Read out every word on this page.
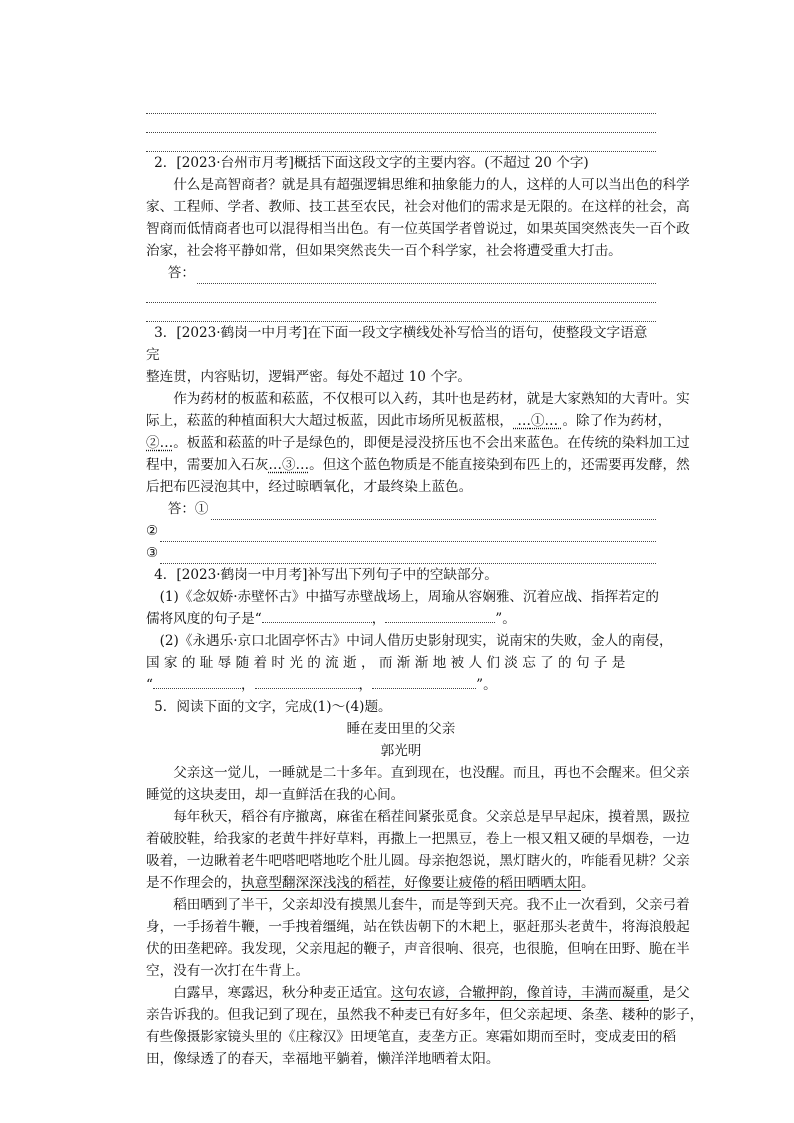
2．[2023·台州市月考]概括下面这段文字的主要内容。(不超过 20 个字)
什么是高智商者？就是具有超强逻辑思维和抽象能力的人，这样的人可以当出色的科学
家、工程师、学者、教师、技工甚至农民，社会对他们的需求是无限的。在这样的社会，高
智商而低情商者也可以混得相当出色。有一位英国学者曾说过，如果英国突然丧失一百个政
治家，社会将平静如常，但如果突然丧失一百个科学家，社会将遭受重大打击。
答：
3．[2023·鹤岗一中月考]在下面一段文字横线处补写恰当的语句，使整段文字语意完
整连贯，内容贴切，逻辑严密。每处不超过 10 个字。
作为药材的板蓝和菘蓝，不仅根可以入药，其叶也是药材，就是大家熟知的大青叶。实
际上，菘蓝的种植面积大大超过板蓝，因此市场所见板蓝根， …①… 。除了作为药材，
②…。板蓝和菘蓝的叶子是绿色的，即便是浸没挤压也不会出来蓝色。在传统的染料加工过
程中，需要加入石灰…③…。但这个蓝色物质是不能直接染到布匹上的，还需要再发酵，然
后把布匹浸泡其中，经过晾晒氧化，才最终染上蓝色。
答：①
②
③
4．[2023·鹤岗一中月考]补写出下列句子中的空缺部分。
(1)《念奴娇·赤壁怀古》中描写赤壁战场上，周瑜从容娴雅、沉着应战、指挥若定的
儒将风度的句子是“	，	”。
(2)《永遇乐·京口北固亭怀古》中词人借历史影射现实，说南宋的失败，金人的南侵，
国 家 的 耻 辱 随 着 时 光 的 流 逝 ， 而 渐 渐 地 被 人 们 淡 忘 了 的 句 子 是
“	，	，	”。
5．阅读下面的文字，完成(1)～(4)题。
睡在麦田里的父亲
郭光明
父亲这一觉儿，一睡就是二十多年。直到现在，也没醒。而且，再也不会醒来。但父亲
睡觉的这块麦田，却一直鲜活在我的心间。
每年秋天，稻谷有序撤离，麻雀在稻茬间紧张觅食。父亲总是早早起床，摸着黑，趿拉
着破胶鞋，给我家的老黄牛拌好草料，再撒上一把黑豆，卷上一根又粗又硬的旱烟卷，一边
吸着，一边瞅着老牛吧嗒吧嗒地吃个肚儿圆。母亲抱怨说，黑灯瞎火的，咋能看见耕？父亲
是不作理会的，执意型翻深深浅浅的稻茬，好像要让疲倦的稻田晒晒太阳。
稻田晒到了半干，父亲却没有摸黑儿套牛，而是等到天亮。我不止一次看到，父亲弓着
身，一手扬着牛鞭，一手拽着缰绳，站在铁齿朝下的木耙上，驱赶那头老黄牛，将海浪般起
伏的田垄耙碎。我发现，父亲甩起的鞭子，声音很响、很亮，也很脆，但响在田野、脆在半
空，没有一次打在牛背上。
白露早，寒露迟，秋分种麦正适宜。这句农谚，合辙押韵，像首诗，丰满而凝重，是父
亲告诉我的。但我记到了现在，虽然我不种麦已有好多年，但父亲起埂、条垄、耧种的影子，
有些像摄影家镜头里的《庄稼汉》田埂笔直，麦垄方正。寒霜如期而至时，变成麦田的稻
田，像绿透了的春天，幸福地平躺着，懒洋洋地晒着太阳。
